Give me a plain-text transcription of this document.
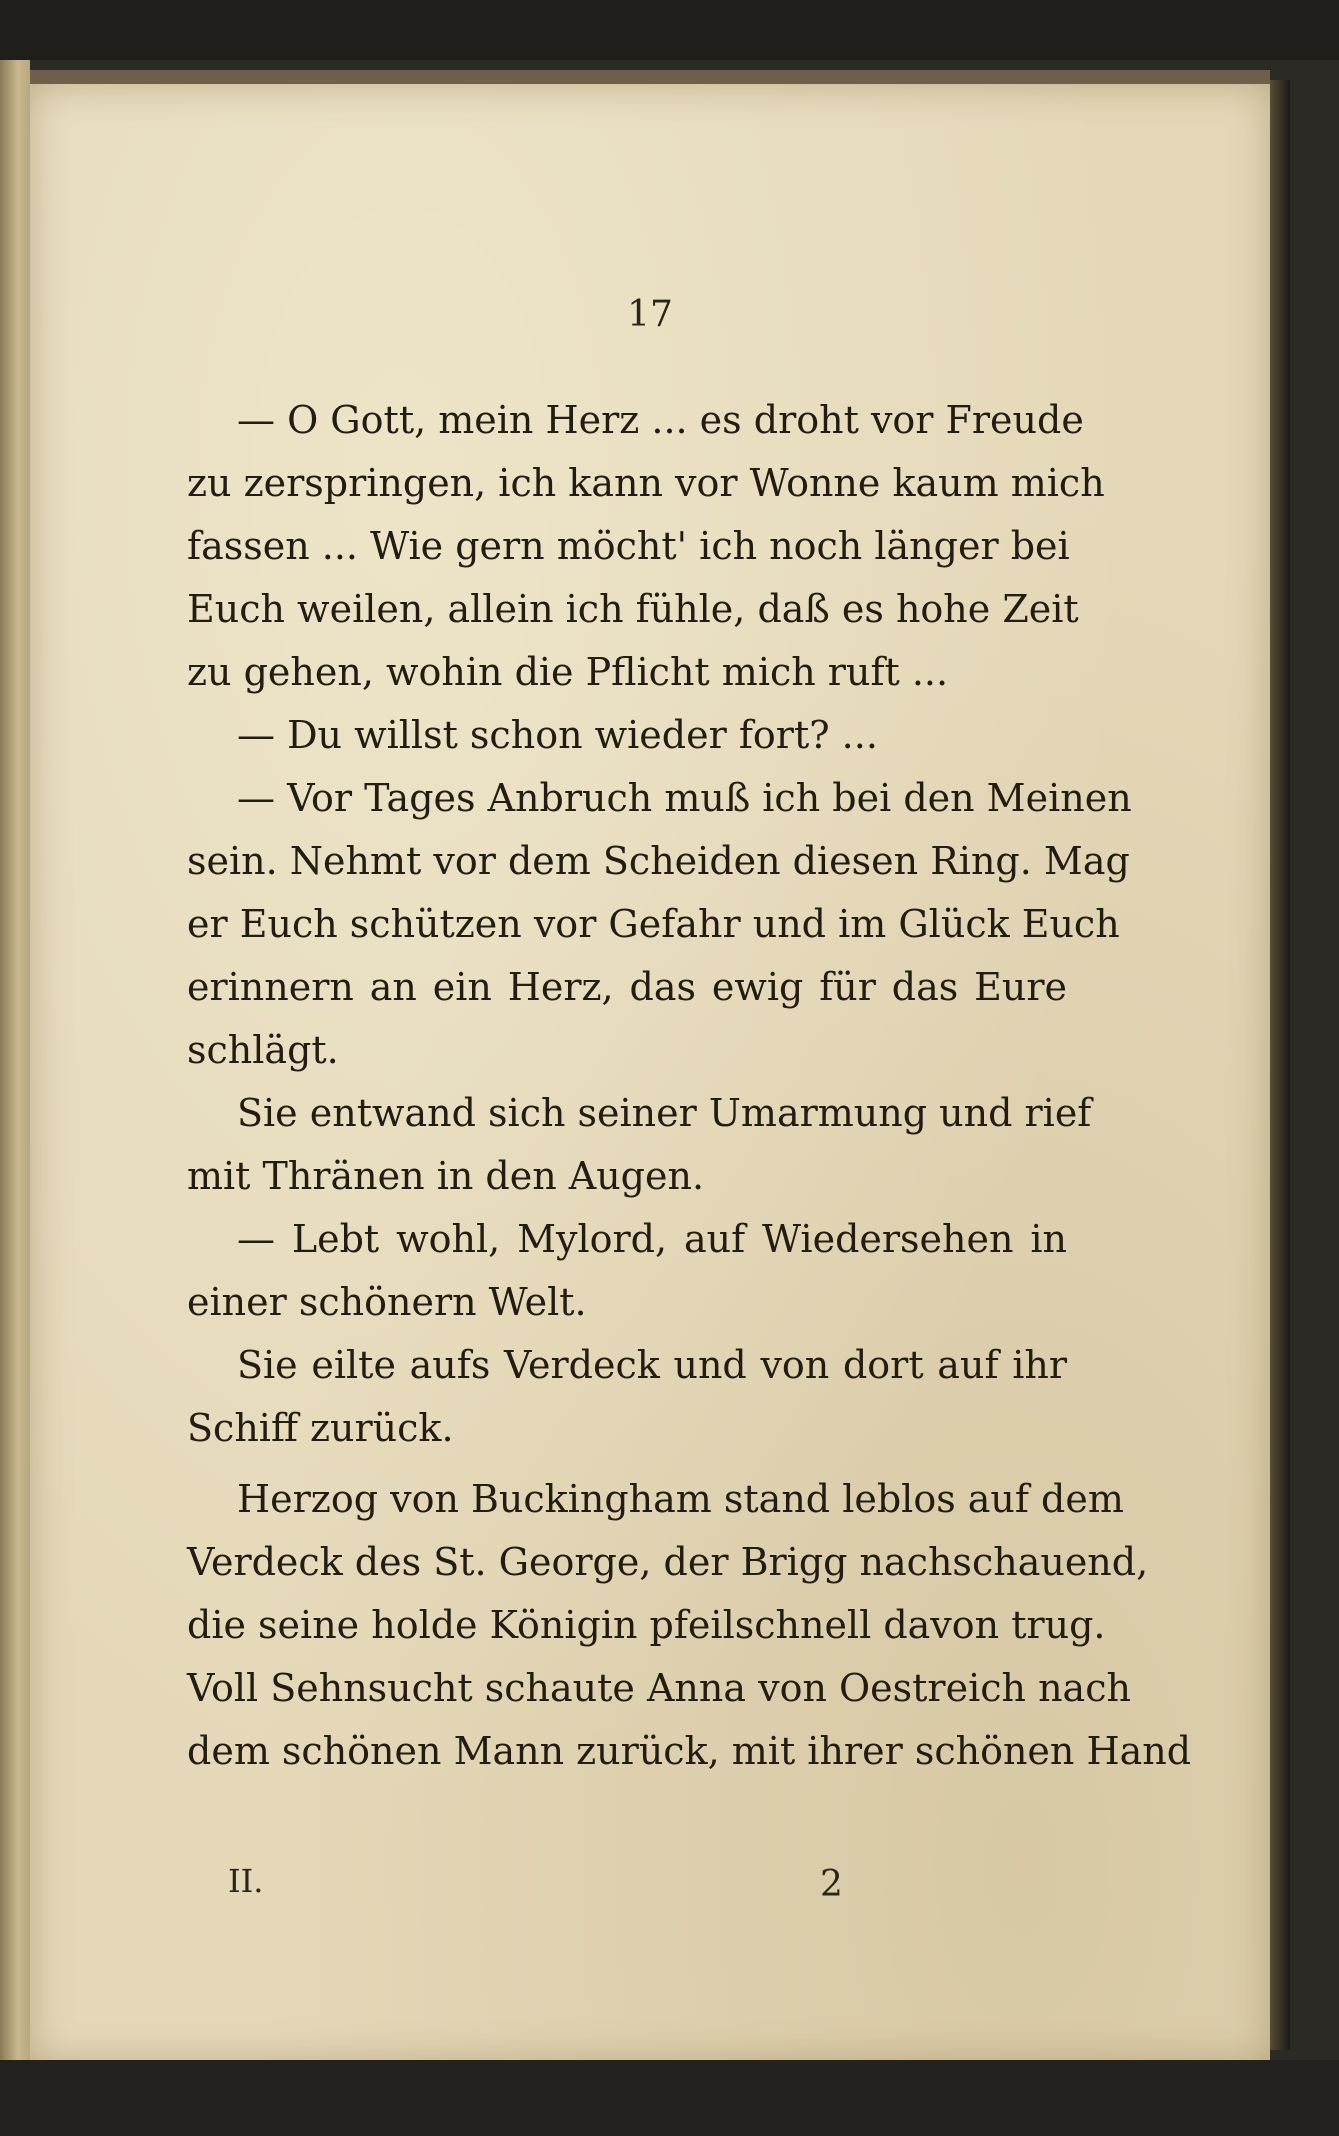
17
— O Gott, mein Herz ... es droht vor Freude
zu zerspringen, ich kann vor Wonne kaum mich
fassen ... Wie gern möcht' ich noch länger bei
Euch weilen, allein ich fühle, daß es hohe Zeit
zu gehen, wohin die Pflicht mich ruft ...
— Du willst schon wieder fort? ...
— Vor Tages Anbruch muß ich bei den Meinen
sein. Nehmt vor dem Scheiden diesen Ring. Mag
er Euch schützen vor Gefahr und im Glück Euch
erinnern an ein Herz, das ewig für das Eure
schlägt.
Sie entwand sich seiner Umarmung und rief
mit Thränen in den Augen.
— Lebt wohl, Mylord, auf Wiedersehen in
einer schönern Welt.
Sie eilte aufs Verdeck und von dort auf ihr
Schiff zurück.
Herzog von Buckingham stand leblos auf dem
Verdeck des St. George, der Brigg nachschauend,
die seine holde Königin pfeilschnell davon trug.
Voll Sehnsucht schaute Anna von Oestreich nach
dem schönen Mann zurück, mit ihrer schönen Hand
II.	2
